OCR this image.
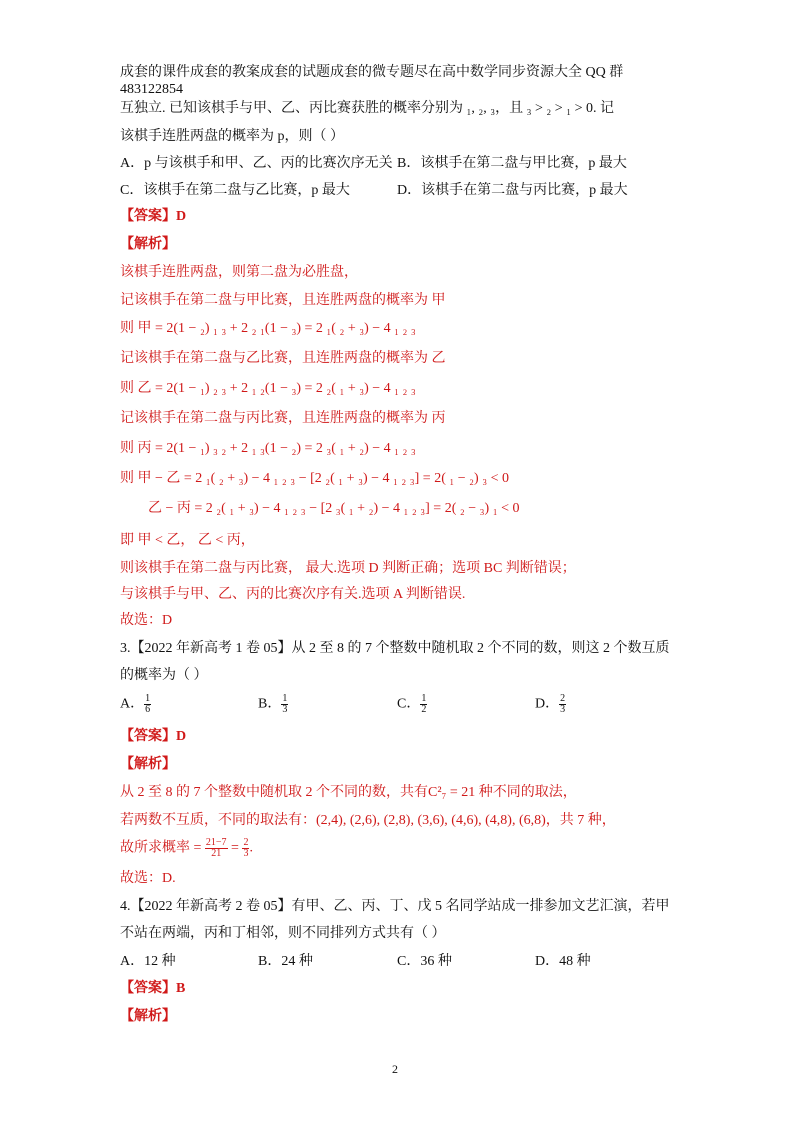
成套的课件成套的教案成套的试题成套的微专题尽在高中数学同步资源大全 QQ 群
483122854
互独立. 已知该棋手与甲、乙、丙比赛获胜的概率分别为 ₁, ₂, ₃，且 ₃ > ₂ > ₁ > 0. 记
该棋手连胜两盘的概率为 p，则（ ）
A．p 与该棋手和甲、乙、丙的比赛次序无关 B．该棋手在第二盘与甲比赛，p 最大
C．该棋手在第二盘与乙比赛，p 最大	D．该棋手在第二盘与丙比赛，p 最大
【答案】D
【解析】
该棋手连胜两盘，则第二盘为必胜盘，
记该棋手在第二盘与甲比赛，且连胜两盘的概率为 甲
则 甲 = 2(1 − ₂) ₁ ₃ + 2 ₂ ₁(1 − ₃) = 2 ₁( ₂ + ₃) − 4 ₁ ₂ ₃
记该棋手在第二盘与乙比赛，且连胜两盘的概率为 乙
则 乙 = 2(1 − ₁) ₂ ₃ + 2 ₁ ₂(1 − ₃) = 2 ₂( ₁ + ₃) − 4 ₁ ₂ ₃
记该棋手在第二盘与丙比赛，且连胜两盘的概率为 丙
则 丙 = 2(1 − ₁) ₃ ₂ + 2 ₁ ₃(1 − ₂) = 2 ₃( ₁ + ₂) − 4 ₁ ₂ ₃
则 甲 − 乙 = 2 ₁( ₂ + ₃) − 4 ₁ ₂ ₃ − [2 ₂( ₁ + ₃) − 4 ₁ ₂ ₃] = 2( ₁ − ₂) ₃ < 0
乙 − 丙 = 2 ₂( ₁ + ₃) − 4 ₁ ₂ ₃ − [2 ₃( ₁ + ₂) − 4 ₁ ₂ ₃] = 2( ₂ − ₃) ₁ < 0
即 甲 < 乙， 乙 < 丙，
则该棋手在第二盘与丙比赛， 最大.选项 D 判断正确；选项 BC 判断错误；
与该棋手与甲、乙、丙的比赛次序有关.选项 A 判断错误.
故选：D
3.【2022 年新高考 1 卷 05】从 2 至 8 的 7 个整数中随机取 2 个不同的数，则这 2 个数互质
的概率为（ ）
A． $\frac{1}{6}$	B． $\frac{1}{3}$	C． $\frac{1}{2}$	D． $\frac{2}{3}$
【答案】D
【解析】
从 2 至 8 的 7 个整数中随机取 2 个不同的数，共有C²₇ = 21 种不同的取法，
若两数不互质，不同的取法有：(2,4), (2,6), (2,8), (3,6), (4,6), (4,8), (6,8)，共 7 种，
故所求概率 = $\frac{21-7}{21} = \frac{2}{3}$ .
故选：D.
4.【2022 年新高考 2 卷 05】有甲、乙、丙、丁、戊 5 名同学站成一排参加文艺汇演，若甲
不站在两端，丙和丁相邻，则不同排列方式共有（ ）
A．12 种	B．24 种	C．36 种	D．48 种
【答案】B
【解析】
2
